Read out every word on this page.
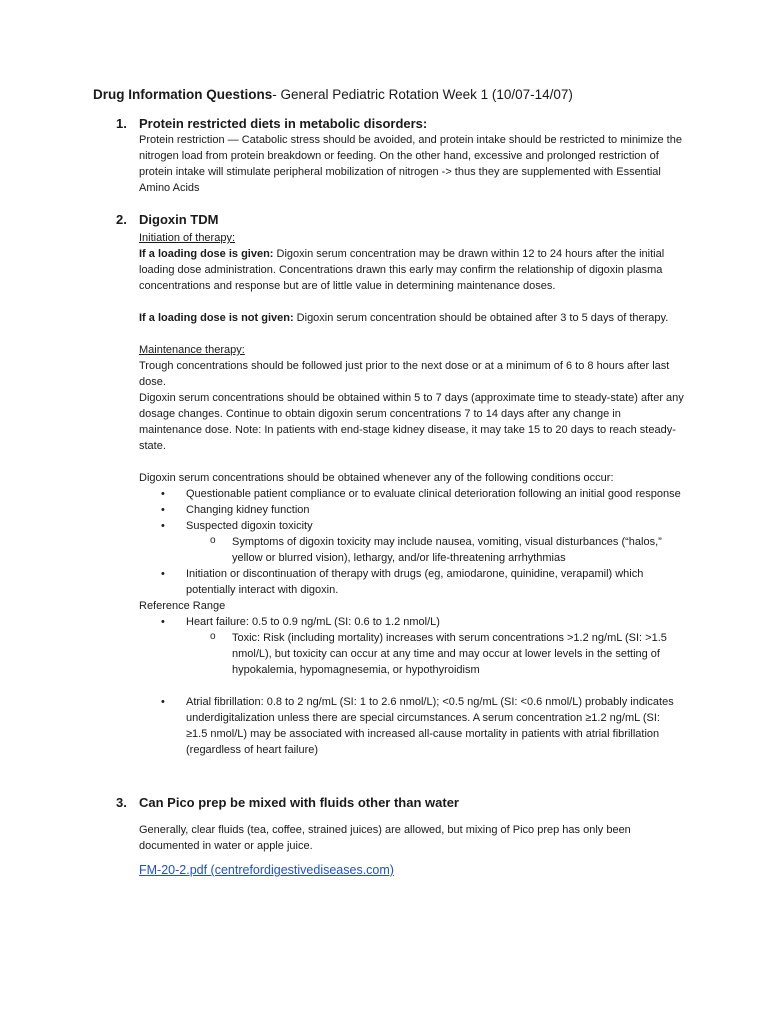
Drug Information Questions- General Pediatric Rotation Week 1 (10/07-14/07)
1. Protein restricted diets in metabolic disorders:

Protein restriction — Catabolic stress should be avoided, and protein intake should be restricted to minimize the nitrogen load from protein breakdown or feeding. On the other hand, excessive and prolonged restriction of protein intake will stimulate peripheral mobilization of nitrogen -> thus they are supplemented with Essential Amino Acids

2. Digoxin TDM

Initiation of therapy:

If a loading dose is given: Digoxin serum concentration may be drawn within 12 to 24 hours after the initial loading dose administration. Concentrations drawn this early may confirm the relationship of digoxin plasma concentrations and response but are of little value in determining maintenance doses.

If a loading dose is not given: Digoxin serum concentration should be obtained after 3 to 5 days of therapy.

Maintenance therapy:

Trough concentrations should be followed just prior to the next dose or at a minimum of 6 to 8 hours after last dose.

Digoxin serum concentrations should be obtained within 5 to 7 days (approximate time to steady-state) after any dosage changes. Continue to obtain digoxin serum concentrations 7 to 14 days after any change in maintenance dose. Note: In patients with end-stage kidney disease, it may take 15 to 20 days to reach steady-state.

Digoxin serum concentrations should be obtained whenever any of the following conditions occur:

• Questionable patient compliance or to evaluate clinical deterioration following an initial good response
• Changing kidney function
• Suspected digoxin toxicity
o Symptoms of digoxin toxicity may include nausea, vomiting, visual disturbances (“halos,” yellow or blurred vision), lethargy, and/or life-threatening arrhythmias
• Initiation or discontinuation of therapy with drugs (eg, amiodarone, quinidine, verapamil) which potentially interact with digoxin.

Reference Range

• Heart failure: 0.5 to 0.9 ng/mL (SI: 0.6 to 1.2 nmol/L)
o Toxic: Risk (including mortality) increases with serum concentrations >1.2 ng/mL (SI: >1.5 nmol/L), but toxicity can occur at any time and may occur at lower levels in the setting of hypokalemia, hypomagnesemia, or hypothyroidism
• Atrial fibrillation: 0.8 to 2 ng/mL (SI: 1 to 2.6 nmol/L); <0.5 ng/mL (SI: <0.6 nmol/L) probably indicates underdigitalization unless there are special circumstances. A serum concentration ≥1.2 ng/mL (SI: ≥1.5 nmol/L) may be associated with increased all-cause mortality in patients with atrial fibrillation (regardless of heart failure)
3. Can Pico prep be mixed with fluids other than water

Generally, clear fluids (tea, coffee, strained juices) are allowed, but mixing of Pico prep has only been documented in water or apple juice.

FM-20-2.pdf (centrefordigestivediseases.com)
